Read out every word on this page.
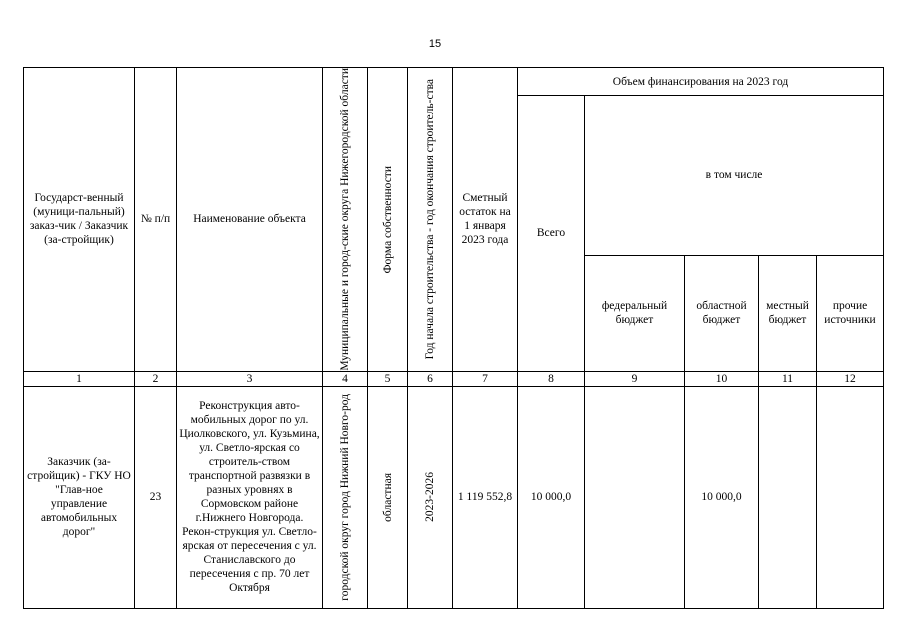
15
Государст-венный (муници-пальный) заказ-чик / Заказчик (за-стройщик)	№ п/п	Наименование объекта	Муниципальные и город-ские округа Нижегородской области	Форма собственности	Год начала строительства - год окончания строитель-ства	Сметный остаток на 1 января 2023 года	Объем финансирования на 2023 год				
							Всего	в том числе			
								федеральный бюджет	областной бюджет	местный бюджет	прочие источники
1	2	3	4	5	6	7	8	9	10	11	12
Заказчик (за-стройщик) - ГКУ НО "Глав-ное управление автомобильных дорог"	23	Реконструкция авто-мобильных дорог по ул. Циолковского, ул. Кузьмина, ул. Светло-ярская со строитель-ством транспортной развязки в разных уровнях в Сормовском районе г.Нижнего Новгорода. Рекон-струкция ул. Светло-ярская от пересечения с ул. Станиславского до пересечения с пр. 70 лет Октября	городской округ город Нижний Новго-род	областная	2023-2026	1 119 552,8	10 000,0		10 000,0		
